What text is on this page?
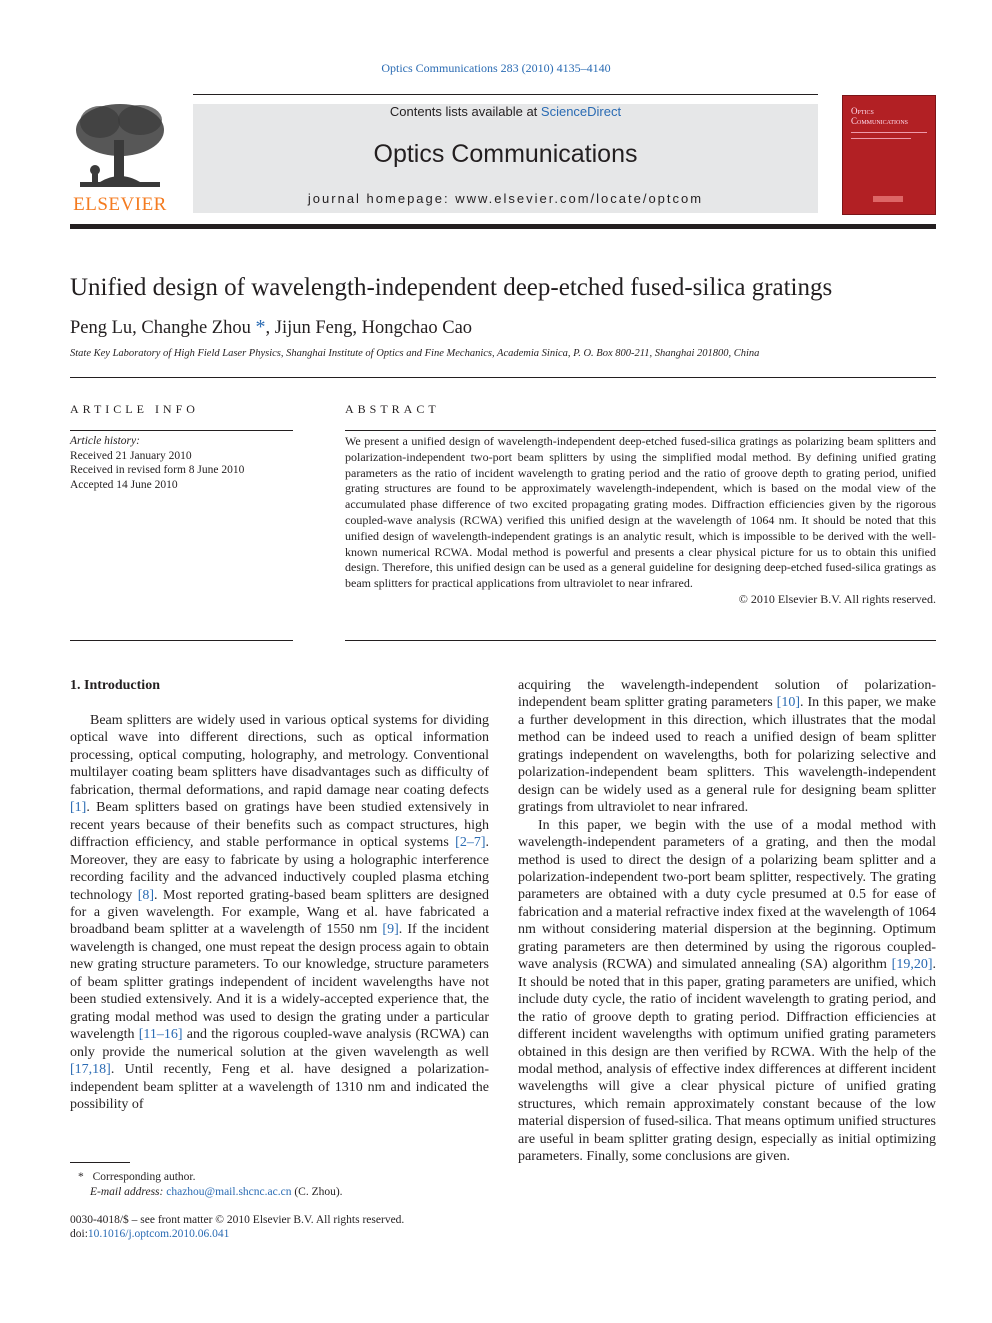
Optics Communications 283 (2010) 4135–4140
ELSEVIER
Contents lists available at ScienceDirect
Optics Communications
journal homepage: www.elsevier.com/locate/optcom
Optics
Communications
Unified design of wavelength-independent deep-etched fused-silica gratings
Peng Lu, Changhe Zhou *, Jijun Feng, Hongchao Cao
State Key Laboratory of High Field Laser Physics, Shanghai Institute of Optics and Fine Mechanics, Academia Sinica, P. O. Box 800-211, Shanghai 201800, China
ARTICLE INFO
Article history:
Received 21 January 2010
Received in revised form 8 June 2010
Accepted 14 June 2010
ABSTRACT
We present a unified design of wavelength-independent deep-etched fused-silica gratings as polarizing beam splitters and polarization-independent two-port beam splitters by using the simplified modal method. By defining unified grating parameters as the ratio of incident wavelength to grating period and the ratio of groove depth to grating period, unified grating structures are found to be approximately wavelength-independent, which is based on the modal view of the accumulated phase difference of two excited propagating grating modes. Diffraction efficiencies given by the rigorous coupled-wave analysis (RCWA) verified this unified design at the wavelength of 1064 nm. It should be noted that this unified design of wavelength-independent gratings is an analytic result, which is impossible to be derived with the well-known numerical RCWA. Modal method is powerful and presents a clear physical picture for us to obtain this unified design. Therefore, this unified design can be used as a general guideline for designing deep-etched fused-silica gratings as beam splitters for practical applications from ultraviolet to near infrared.
© 2010 Elsevier B.V. All rights reserved.
1. Introduction

Beam splitters are widely used in various optical systems for dividing optical wave into different directions, such as optical information processing, optical computing, holography, and metrology. Conventional multilayer coating beam splitters have disadvantages such as difficulty of fabrication, thermal deformations, and rapid damage near coating defects [1]. Beam splitters based on gratings have been studied extensively in recent years because of their benefits such as compact structures, high diffraction efficiency, and stable performance in optical systems [2–7]. Moreover, they are easy to fabricate by using a holographic interference recording facility and the advanced inductively coupled plasma etching technology [8]. Most reported grating-based beam splitters are designed for a given wavelength. For example, Wang et al. have fabricated a broadband beam splitter at a wavelength of 1550 nm [9]. If the incident wavelength is changed, one must repeat the design process again to obtain new grating structure parameters. To our knowledge, structure parameters of beam splitter gratings independent of incident wavelengths have not been studied extensively. And it is a widely-accepted experience that, the grating modal method was used to design the grating under a particular wavelength [11–16] and the rigorous coupled-wave analysis (RCWA) can only provide the numerical solution at the given wavelength as well [17,18]. Until recently, Feng et al. have designed a polarization-independent beam splitter at a wavelength of 1310 nm and indicated the possibility of

acquiring the wavelength-independent solution of polarization-independent beam splitter grating parameters [10]. In this paper, we make a further development in this direction, which illustrates that the modal method can be indeed used to reach a unified design of beam splitter gratings independent on wavelengths, both for polarizing selective and polarization-independent beam splitters. This wavelength-independent design can be widely used as a general rule for designing beam splitter gratings from ultraviolet to near infrared.

In this paper, we begin with the use of a modal method with wavelength-independent parameters of a grating, and then the modal method is used to direct the design of a polarizing beam splitter and a polarization-independent two-port beam splitter, respectively. The grating parameters are obtained with a duty cycle presumed at 0.5 for ease of fabrication and a material refractive index fixed at the wavelength of 1064 nm without considering material dispersion at the beginning. Optimum grating parameters are then determined by using the rigorous coupled-wave analysis (RCWA) and simulated annealing (SA) algorithm [19,20]. It should be noted that in this paper, grating parameters are unified, which include duty cycle, the ratio of incident wavelength to grating period, and the ratio of groove depth to grating period. Diffraction efficiencies at different incident wavelengths with optimum unified grating parameters obtained in this design are then verified by RCWA. With the help of the modal method, analysis of effective index differences at different incident wavelengths will give a clear physical picture of unified grating structures, which remain approximately constant because of the low material dispersion of fused-silica. That means optimum unified structures are useful in beam splitter grating design, especially as initial optimizing parameters. Finally, some conclusions are given.

* Corresponding author.
E-mail address: chazhou@mail.shcnc.ac.cn (C. Zhou).
0030-4018/$ – see front matter © 2010 Elsevier B.V. All rights reserved.
doi:10.1016/j.optcom.2010.06.041
